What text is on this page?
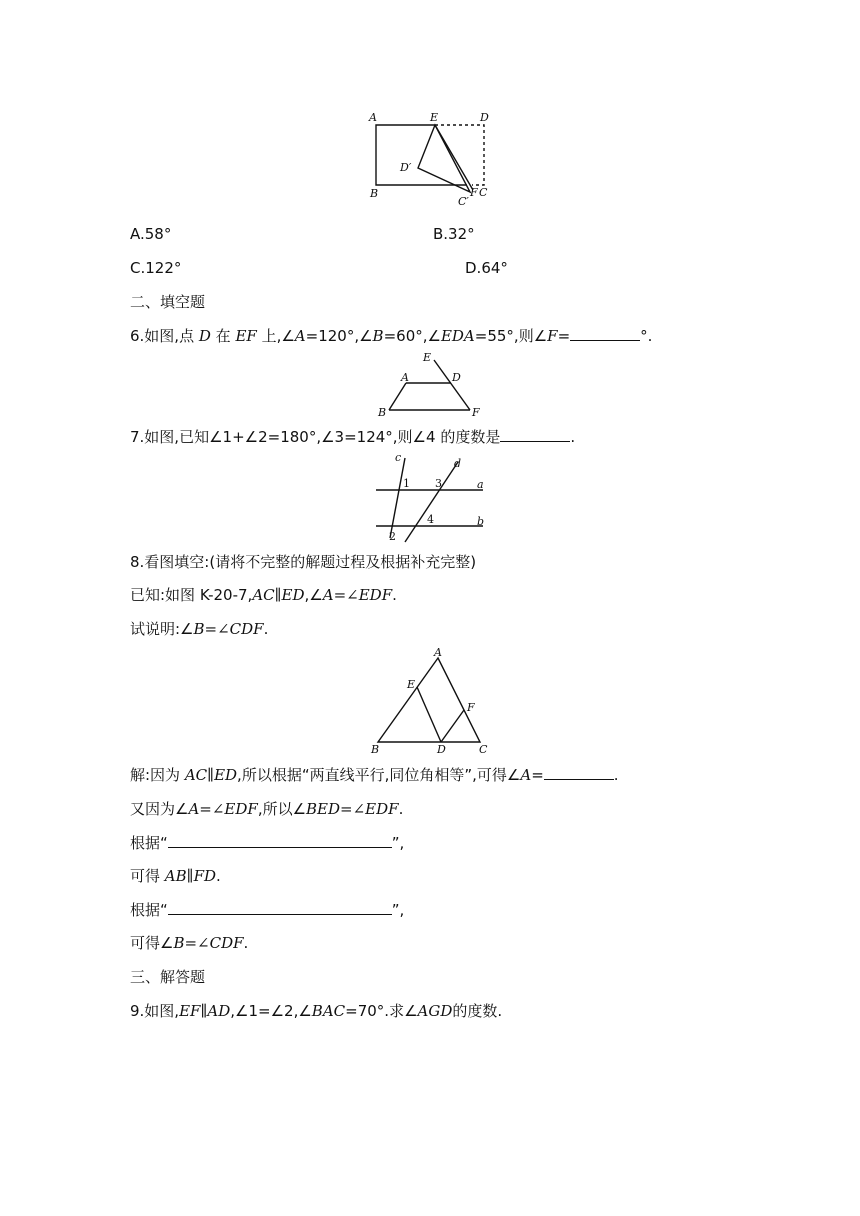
A	E	D
D′
B	F C
C′
A.58°	B.32°
C.122°	D.64°
二、填空题
6.如图,点 D 在 EF 上,∠A=120°,∠B=60°,∠EDA=55°,则∠F=	°.
E
A	D
B	F
7.如图,已知∠1+∠2=180°,∠3=124°,则∠4 的度数是	.
c	d
1 3	a
4	b
2
8.看图填空:(请将不完整的解题过程及根据补充完整)
已知:如图 K-20-7,AC∥ED,∠A=∠EDF.
试说明:∠B=∠CDF.
A
E
F
B	D	C
解:因为 AC∥ED,所以根据“两直线平行,同位角相等”,可得∠A=	.
又因为∠A=∠EDF,所以∠BED=∠EDF.
根据“	”,
可得 AB∥FD.
根据“	”,
可得∠B=∠CDF.
三、解答题
9.如图,EF∥AD,∠1=∠2,∠BAC=70°.求∠AGD的度数.
